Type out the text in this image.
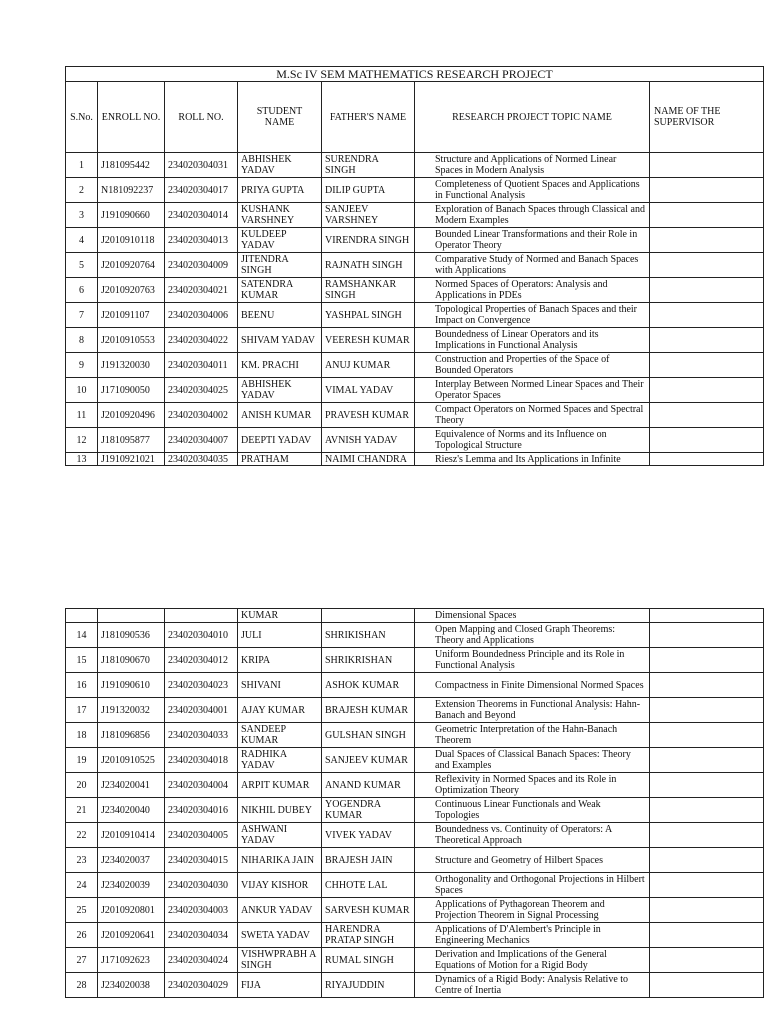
M.Sc IV SEM MATHEMATICS RESEARCH PROJECT						
S.No.	ENROLL NO.	ROLL NO.	STUDENT NAME	FATHER'S NAME	RESEARCH PROJECT TOPIC NAME	NAME OF THE SUPERVISOR
1	J181095442	234020304031	ABHISHEK YADAV	SURENDRA SINGH	Structure and Applications of Normed Linear Spaces in Modern Analysis	
2	N181092237	234020304017	PRIYA GUPTA	DILIP GUPTA	Completeness of Quotient Spaces and Applications in Functional Analysis	
3	J191090660	234020304014	KUSHANK VARSHNEY	SANJEEV VARSHNEY	Exploration of Banach Spaces through Classical and Modern Examples	
4	J2010910118	234020304013	KULDEEP YADAV	VIRENDRA SINGH	Bounded Linear Transformations and their Role in Operator Theory	
5	J2010920764	234020304009	JITENDRA SINGH	RAJNATH SINGH	Comparative Study of Normed and Banach Spaces with Applications	
6	J2010920763	234020304021	SATENDRA KUMAR	RAMSHANKAR SINGH	Normed Spaces of Operators: Analysis and Applications in PDEs	
7	J201091107	234020304006	BEENU	YASHPAL SINGH	Topological Properties of Banach Spaces and their Impact on Convergence	
8	J2010910553	234020304022	SHIVAM YADAV	VEERESH KUMAR	Boundedness of Linear Operators and its Implications in Functional Analysis	
9	J191320030	234020304011	KM. PRACHI	ANUJ KUMAR	Construction and Properties of the Space of Bounded Operators	
10	J171090050	234020304025	ABHISHEK YADAV	VIMAL YADAV	Interplay Between Normed Linear Spaces and Their Operator Spaces	
11	J2010920496	234020304002	ANISH KUMAR	PRAVESH KUMAR	Compact Operators on Normed Spaces and Spectral Theory	
12	J181095877	234020304007	DEEPTI YADAV	AVNISH YADAV	Equivalence of Norms and its Influence on Topological Structure	
13	J1910921021	234020304035	PRATHAM	NAIMI CHANDRA	Riesz's Lemma and Its Applications in Infinite	
			KUMAR		Dimensional Spaces	
14	J181090536	234020304010	JULI	SHRIKISHAN	Open Mapping and Closed Graph Theorems: Theory and Applications	
15	J181090670	234020304012	KRIPA	SHRIKRISHAN	Uniform Boundedness Principle and its Role in Functional Analysis	
16	J191090610	234020304023	SHIVANI	ASHOK KUMAR	Compactness in Finite Dimensional Normed Spaces	
17	J191320032	234020304001	AJAY KUMAR	BRAJESH KUMAR	Extension Theorems in Functional Analysis: Hahn-Banach and Beyond	
18	J181096856	234020304033	SANDEEP KUMAR	GULSHAN SINGH	Geometric Interpretation of the Hahn-Banach Theorem	
19	J2010910525	234020304018	RADHIKA YADAV	SANJEEV KUMAR	Dual Spaces of Classical Banach Spaces: Theory and Examples	
20	J234020041	234020304004	ARPIT KUMAR	ANAND KUMAR	Reflexivity in Normed Spaces and its Role in Optimization Theory	
21	J234020040	234020304016	NIKHIL DUBEY	YOGENDRA KUMAR	Continuous Linear Functionals and Weak Topologies	
22	J2010910414	234020304005	ASHWANI YADAV	VIVEK YADAV	Boundedness vs. Continuity of Operators: A Theoretical Approach	
23	J234020037	234020304015	NIHARIKA JAIN	BRAJESH JAIN	Structure and Geometry of Hilbert Spaces	
24	J234020039	234020304030	VIJAY KISHOR	CHHOTE LAL	Orthogonality and Orthogonal Projections in Hilbert Spaces	
25	J2010920801	234020304003	ANKUR YADAV	SARVESH KUMAR	Applications of Pythagorean Theorem and Projection Theorem in Signal Processing	
26	J2010920641	234020304034	SWETA YADAV	HARENDRA PRATAP SINGH	Applications of D'Alembert's Principle in Engineering Mechanics	
27	J171092623	234020304024	VISHWPRABH A SINGH	RUMAL SINGH	Derivation and Implications of the General Equations of Motion for a Rigid Body	
28	J234020038	234020304029	FIJA	RIYAJUDDIN	Dynamics of a Rigid Body: Analysis Relative to Centre of Inertia	
